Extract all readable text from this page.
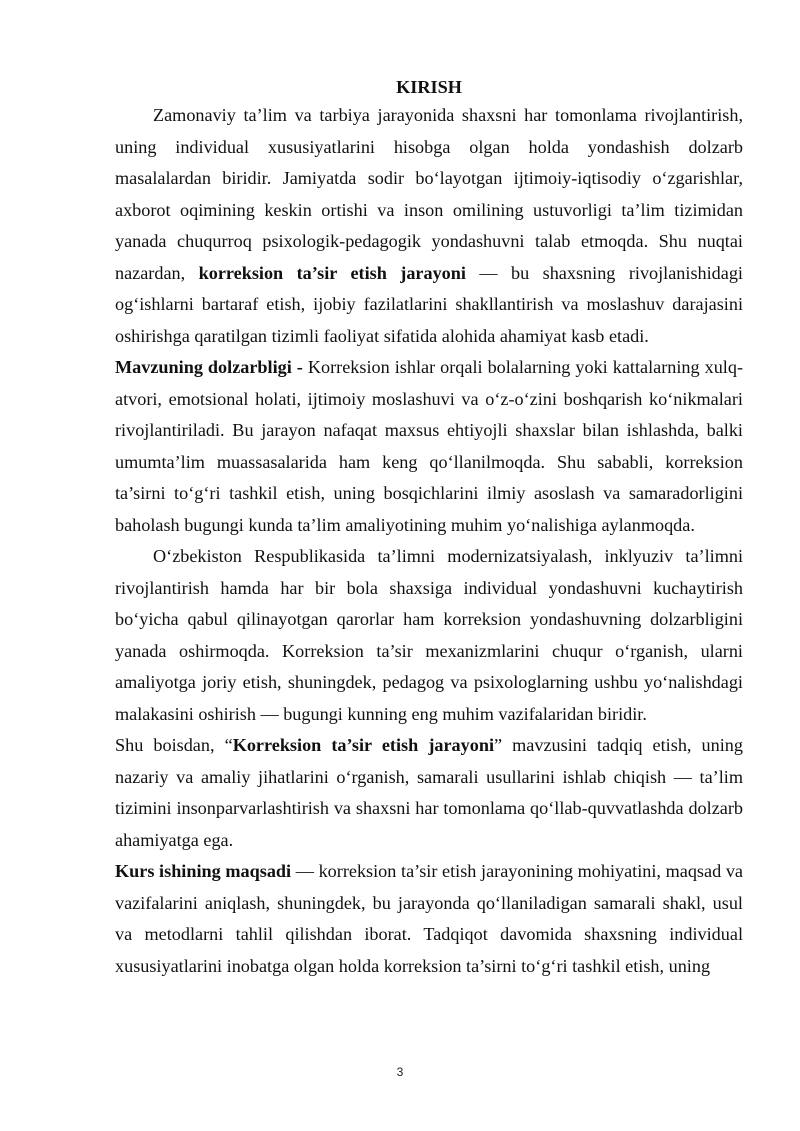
KIRISH

Zamonaviy ta’lim va tarbiya jarayonida shaxsni har tomonlama rivojlantirish, uning individual xususiyatlarini hisobga olgan holda yondashish dolzarb masalalardan biridir. Jamiyatda sodir bo‘layotgan ijtimoiy-iqtisodiy o‘zgarishlar, axborot oqimining keskin ortishi va inson omilining ustuvorligi ta’lim tizimidan yanada chuqurroq psixologik-pedagogik yondashuvni talab etmoqda. Shu nuqtai nazardan, korreksion ta’sir etish jarayoni — bu shaxsning rivojlanishidagi og‘ishlarni bartaraf etish, ijobiy fazilatlarini shakllantirish va moslashuv darajasini oshirishga qaratilgan tizimli faoliyat sifatida alohida ahamiyat kasb etadi.

Mavzuning dolzarbligi - Korreksion ishlar orqali bolalarning yoki kattalarning xulq-atvori, emotsional holati, ijtimoiy moslashuvi va o‘z-o‘zini boshqarish ko‘nikmalari rivojlantiriladi. Bu jarayon nafaqat maxsus ehtiyojli shaxslar bilan ishlashda, balki umumta’lim muassasalarida ham keng qo‘llanilmoqda. Shu sababli, korreksion ta’sirni to‘g‘ri tashkil etish, uning bosqichlarini ilmiy asoslash va samaradorligini baholash bugungi kunda ta’lim amaliyotining muhim yo‘nalishiga aylanmoqda.

O‘zbekiston Respublikasida ta’limni modernizatsiyalash, inklyuziv ta’limni rivojlantirish hamda har bir bola shaxsiga individual yondashuvni kuchaytirish bo‘yicha qabul qilinayotgan qarorlar ham korreksion yondashuvning dolzarbligini yanada oshirmoqda. Korreksion ta’sir mexanizmlarini chuqur o‘rganish, ularni amaliyotga joriy etish, shuningdek, pedagog va psixologlarning ushbu yo‘nalishdagi malakasini oshirish — bugungi kunning eng muhim vazifalaridan biridir.

Shu boisdan, “Korreksion ta’sir etish jarayoni” mavzusini tadqiq etish, uning nazariy va amaliy jihatlarini o‘rganish, samarali usullarini ishlab chiqish — ta’lim tizimini insonparvarlashtirish va shaxsni har tomonlama qo‘llab-quvvatlashda dolzarb ahamiyatga ega.

Kurs ishining maqsadi — korreksion ta’sir etish jarayonining mohiyatini, maqsad va vazifalarini aniqlash, shuningdek, bu jarayonda qo‘llaniladigan samarali shakl, usul va metodlarni tahlil qilishdan iborat. Tadqiqot davomida shaxsning individual xususiyatlarini inobatga olgan holda korreksion ta’sirni to‘g‘ri tashkil etish, uning

3
